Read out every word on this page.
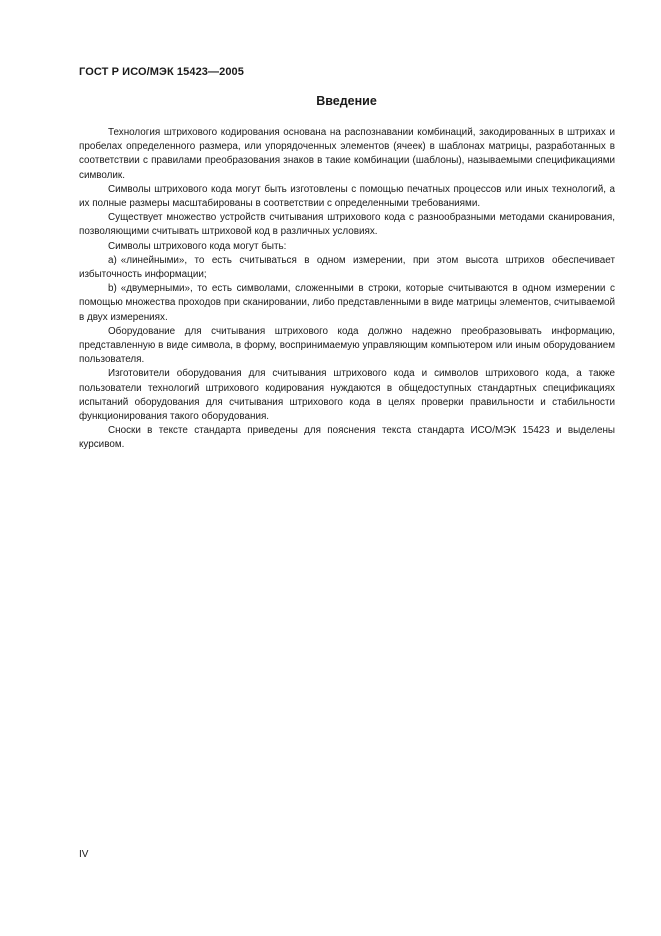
ГОСТ Р ИСО/МЭК 15423—2005
Введение

Технология штрихового кодирования основана на распознавании комбинаций, закодированных в штрихах и пробелах определенного размера, или упорядоченных элементов (ячеек) в шаблонах матрицы, разработанных в соответствии с правилами преобразования знаков в такие комбинации (шаблоны), называемыми спецификациями символик.

Символы штрихового кода могут быть изготовлены с помощью печатных процессов или иных технологий, а их полные размеры масштабированы в соответствии с определенными требованиями.

Существует множество устройств считывания штрихового кода с разнообразными методами сканирования, позволяющими считывать штриховой код в различных условиях.

Символы штрихового кода могут быть:

а) «линейными», то есть считываться в одном измерении, при этом высота штрихов обеспечивает избыточность информации;

b) «двумерными», то есть символами, сложенными в строки, которые считываются в одном измерении с помощью множества проходов при сканировании, либо представленными в виде матрицы элементов, считываемой в двух измерениях.

Оборудование для считывания штрихового кода должно надежно преобразовывать информацию, представленную в виде символа, в форму, воспринимаемую управляющим компьютером или иным оборудованием пользователя.

Изготовители оборудования для считывания штрихового кода и символов штрихового кода, а также пользователи технологий штрихового кодирования нуждаются в общедоступных стандартных спецификациях испытаний оборудования для считывания штрихового кода в целях проверки правильности и стабильности функционирования такого оборудования.

Сноски в тексте стандарта приведены для пояснения текста стандарта ИСО/МЭК 15423 и выделены курсивом.

IV
